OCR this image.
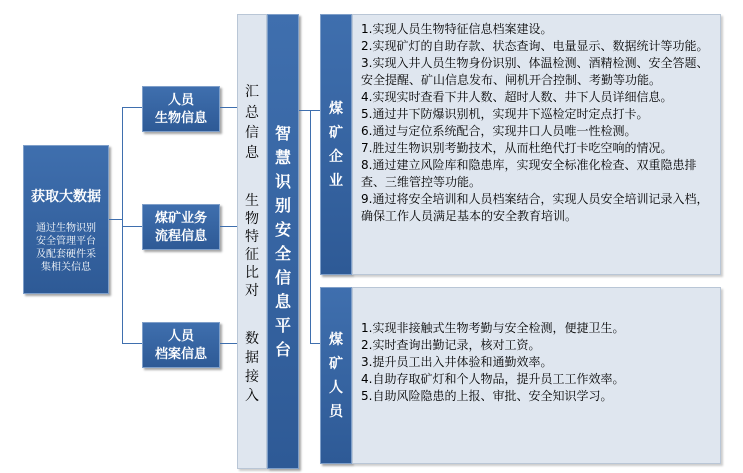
获取大数据
通过生物识别安全管理平台及配套硬件采集相关信息
人员
生物信息
煤矿业务
流程信息
人员
档案信息
汇
总
信
息
生
物
特
征
比
对
数
据
接
入
智
慧
识
别
安
全
信
息
平
台
煤
矿
企
业
1.实现人员生物特征信息档案建设。
2.实现矿灯的自助存款、状态查询、电量显示、数据统计等功能。
3.实现入井人员生物身份识别、体温检测、酒精检测、安全答题、 安全提醒、矿山信息发布、闸机开合控制、考勤等功能。
4.实现实时查看下井人数、超时人数、井下人员详细信息。
5.通过井下防爆识别机，实现井下巡检定时定点打卡。
6.通过与定位系统配合，实现井口人员唯一性检测。
7.胜过生物识别考勤技术，从而杜绝代打卡吃空响的情况。
8.通过建立风险库和隐患库，实现安全标准化检查、双重隐患排查、三维管控等功能。
9.通过将安全培训和人员档案结合，实现人员安全培训记录入档，确保工作人员满足基本的安全教育培训。
煤
矿
人
员
1.实现非接触式生物考勤与安全检测，便捷卫生。
2.实时查询出勤记录，核对工资。
3.提升员工出入井体验和通勤效率。
4.自助存取矿灯和个人物品，提升员工工作效率。
5.自助风险隐患的上报、审批、安全知识学习。
